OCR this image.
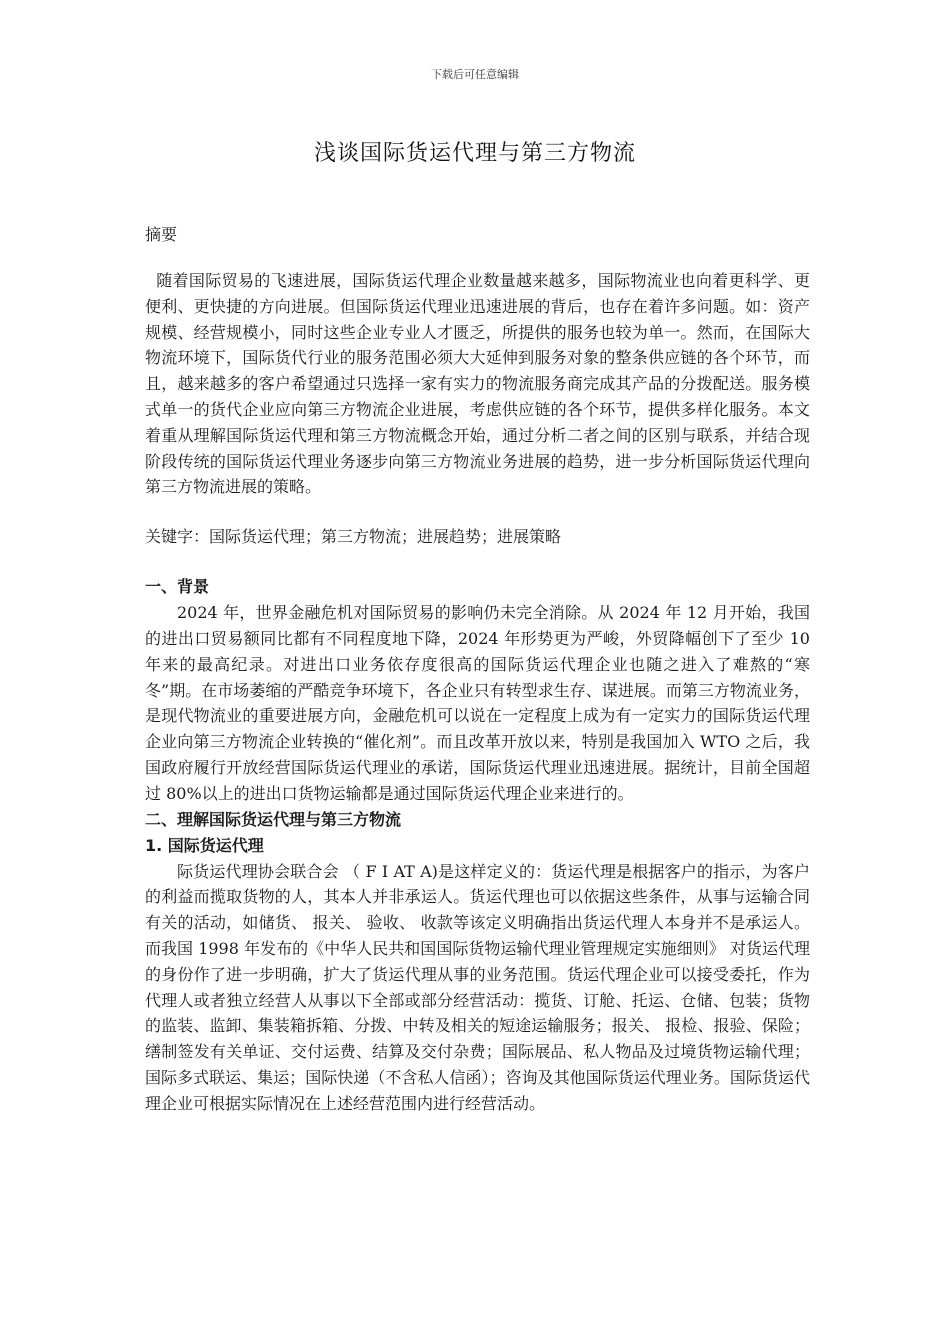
下载后可任意编辑
浅谈国际货运代理与第三方物流
摘要

随着国际贸易的飞速进展，国际货运代理企业数量越来越多，国际物流业也向着更科学、更便利、更快捷的方向进展。但国际货运代理业迅速进展的背后，也存在着许多问题。如：资产规模、经营规模小，同时这些企业专业人才匮乏，所提供的服务也较为单一。然而，在国际大物流环境下，国际货代行业的服务范围必须大大延伸到服务对象的整条供应链的各个环节，而且，越来越多的客户希望通过只选择一家有实力的物流服务商完成其产品的分拨配送。服务模式单一的货代企业应向第三方物流企业进展，考虑供应链的各个环节，提供多样化服务。本文着重从理解国际货运代理和第三方物流概念开始，通过分析二者之间的区别与联系，并结合现阶段传统的国际货运代理业务逐步向第三方物流业务进展的趋势，进一步分析国际货运代理向第三方物流进展的策略。

关键字：国际货运代理；第三方物流；进展趋势；进展策略
一、背景

2024 年，世界金融危机对国际贸易的影响仍未完全消除。从 2024 年 12 月开始，我国的进出口贸易额同比都有不同程度地下降，2024 年形势更为严峻，外贸降幅创下了至少 10 年来的最高纪录。对进出口业务依存度很高的国际货运代理企业也随之进入了难熬的“寒冬”期。在市场萎缩的严酷竞争环境下，各企业只有转型求生存、谋进展。而第三方物流业务，是现代物流业的重要进展方向，金融危机可以说在一定程度上成为有一定实力的国际货运代理企业向第三方物流企业转换的“催化剂”。而且改革开放以来，特别是我国加入 WTO 之后，我国政府履行开放经营国际货运代理业的承诺，国际货运代理业迅速进展。据统计，目前全国超过 80%以上的进出口货物运输都是通过国际货运代理企业来进行的。

二、理解国际货运代理与第三方物流
1. 国际货运代理

际货运代理协会联合会 （ F I AT A)是这样定义的：货运代理是根据客户的指示，为客户的利益而揽取货物的人，其本人并非承运人。货运代理也可以依据这些条件，从事与运输合同有关的活动，如储货、 报关、 验收、 收款等该定义明确指出货运代理人本身并不是承运人。而我国 1998 年发布的《中华人民共和国国际货物运输代理业管理规定实施细则》 对货运代理的身份作了进一步明确，扩大了货运代理从事的业务范围。货运代理企业可以接受委托，作为代理人或者独立经营人从事以下全部或部分经营活动：揽货、订舱、托运、仓储、包装；货物的监装、监卸、集装箱拆箱、分拨、中转及相关的短途运输服务；报关、 报检、报验、保险；缮制签发有关单证、交付运费、结算及交付杂费；国际展品、私人物品及过境货物运输代理；国际多式联运、集运；国际快递（不含私人信函）；咨询及其他国际货运代理业务。国际货运代理企业可根据实际情况在上述经营范围内进行经营活动。
